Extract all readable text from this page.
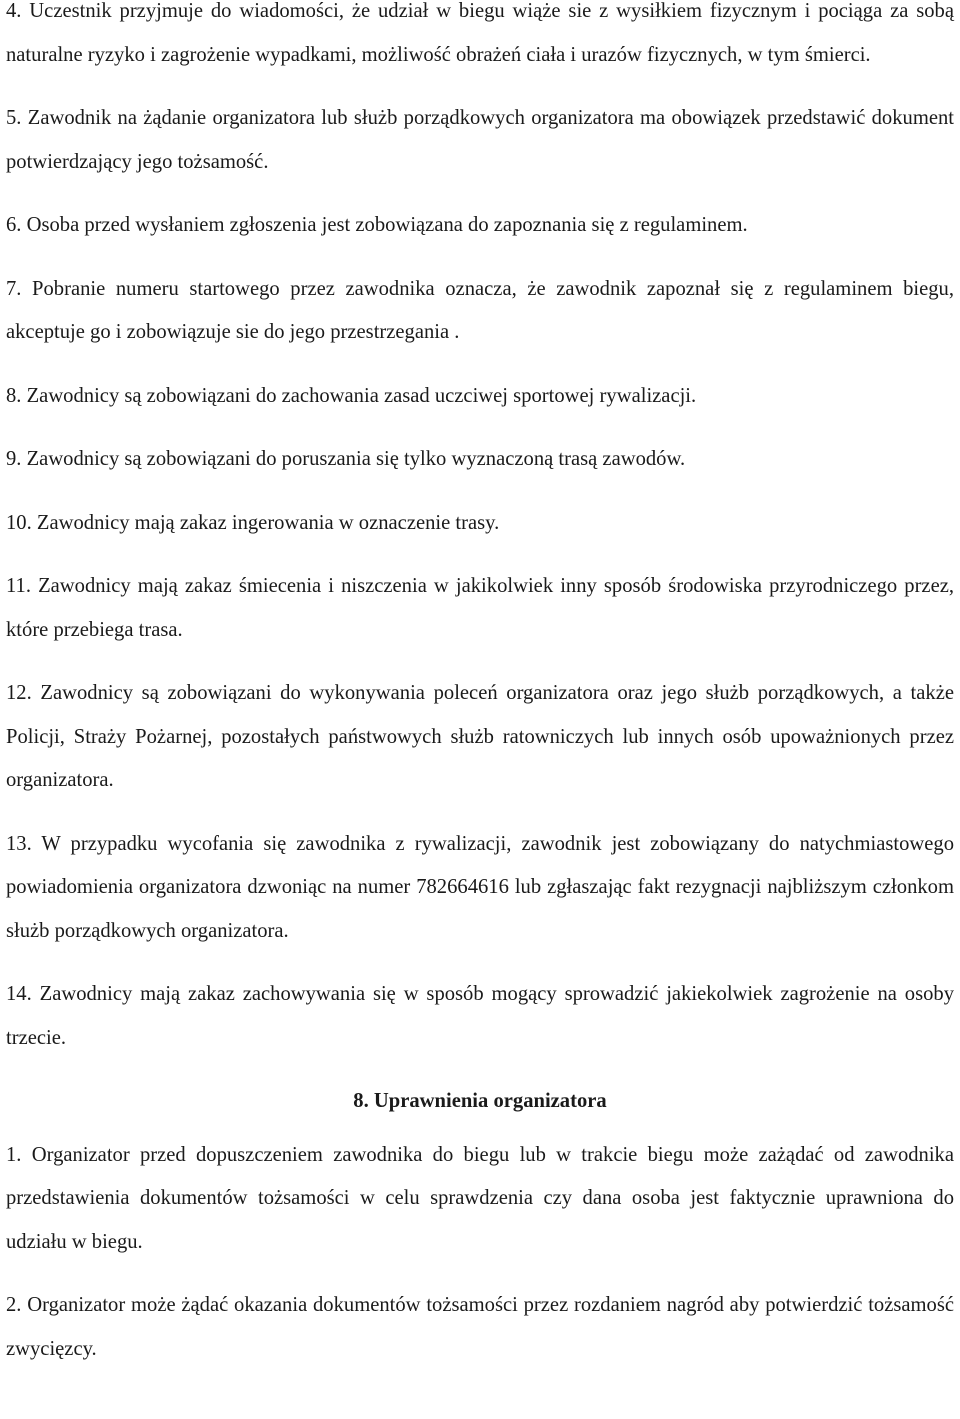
4. Uczestnik przyjmuje do wiadomości, że udział w biegu wiąże sie z wysiłkiem fizycznym i pociąga za sobą naturalne ryzyko i zagrożenie wypadkami, możliwość obrażeń ciała i urazów fizycznych, w tym śmierci.

5. Zawodnik na żądanie organizatora lub służb porządkowych organizatora ma obowiązek przedstawić dokument potwierdzający jego tożsamość.

6. Osoba przed wysłaniem zgłoszenia jest zobowiązana do zapoznania się z regulaminem.

7. Pobranie numeru startowego przez zawodnika oznacza, że zawodnik zapoznał się z regulaminem biegu, akceptuje go i zobowiązuje sie do jego przestrzegania .

8. Zawodnicy są zobowiązani do zachowania zasad uczciwej sportowej rywalizacji.

9. Zawodnicy są zobowiązani do poruszania się tylko wyznaczoną trasą zawodów.

10. Zawodnicy mają zakaz ingerowania w oznaczenie trasy.

11. Zawodnicy mają zakaz śmiecenia i niszczenia w jakikolwiek inny sposób środowiska przyrodniczego przez, które przebiega trasa.

12. Zawodnicy są zobowiązani do wykonywania poleceń organizatora oraz jego służb porządkowych, a także Policji, Straży Pożarnej, pozostałych państwowych służb ratowniczych lub innych osób upoważnionych przez organizatora.

13. W przypadku wycofania się zawodnika z rywalizacji, zawodnik jest zobowiązany do natychmiastowego powiadomienia organizatora dzwoniąc na numer 782664616 lub zgłaszając fakt rezygnacji najbliższym członkom służb porządkowych organizatora.

14. Zawodnicy mają zakaz zachowywania się w sposób mogący sprowadzić jakiekolwiek zagrożenie na osoby trzecie.

8. Uprawnienia organizatora

1. Organizator przed dopuszczeniem zawodnika do biegu lub w trakcie biegu może zażądać od zawodnika przedstawienia dokumentów tożsamości w celu sprawdzenia czy dana osoba jest faktycznie uprawniona do udziału w biegu.

2. Organizator może żądać okazania dokumentów tożsamości przez rozdaniem nagród aby potwierdzić tożsamość zwycięzcy.
